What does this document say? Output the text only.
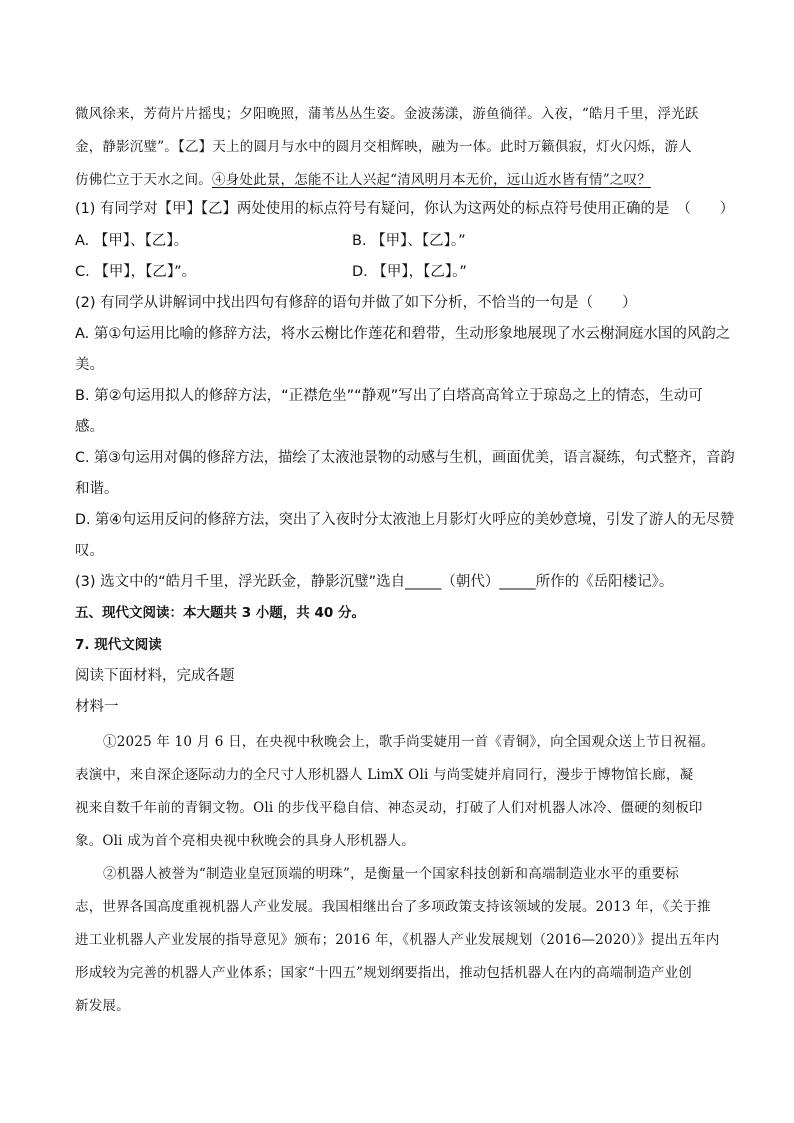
微风徐来，芳荷片片摇曳；夕阳晚照，蒲苇丛丛生姿。金波荡漾，游鱼徜徉。入夜，“皓月千里，浮光跃
金，静影沉璧”。【乙】天上的圆月与水中的圆月交相辉映，融为一体。此时万籁俱寂，灯火闪烁，游人
仿佛伫立于天水之间。④身处此景，怎能不让人兴起“清风明月本无价，远山近水皆有情”之叹？
(1) 有同学对【甲】【乙】两处使用的标点符号有疑问，你认为这两处的标点符号使用正确的是　（　　）
A. 【甲】、【乙】。	B. 【甲】、【乙】。”
C. 【甲】，【乙】”。	D. 【甲】，【乙】。”
(2) 有同学从讲解词中找出四句有修辞的语句并做了如下分析，不恰当的一句是（　　）
A. 第①句运用比喻的修辞方法，将水云榭比作莲花和碧带，生动形象地展现了水云榭洞庭水国的风韵之
美。
B. 第②句运用拟人的修辞方法，“正襟危坐”“静观”写出了白塔高高耸立于琼岛之上的情态，生动可
感。
C. 第③句运用对偶的修辞方法，描绘了太液池景物的动感与生机，画面优美，语言凝练，句式整齐，音韵
和谐。
D. 第④句运用反问的修辞方法，突出了入夜时分太液池上月影灯火呼应的美妙意境，引发了游人的无尽赞
叹。
(3) 选文中的“皓月千里，浮光跃金，静影沉璧”选自_____（朝代）_____所作的《岳阳楼记》。
五、现代文阅读：本大题共 3 小题，共 40 分。
7. 现代文阅读
阅读下面材料，完成各题
材料一
①2025 年 10 月 6 日，在央视中秋晚会上，歌手尚雯婕用一首《青铜》，向全国观众送上节日祝福。
表演中，来自深企逐际动力的全尺寸人形机器人 LimX Oli 与尚雯婕并肩同行，漫步于博物馆长廊，凝
视来自数千年前的青铜文物。Oli 的步伐平稳自信、神态灵动，打破了人们对机器人冰冷、僵硬的刻板印
象。Oli 成为首个亮相央视中秋晚会的具身人形机器人。
②机器人被誉为“制造业皇冠顶端的明珠”，是衡量一个国家科技创新和高端制造业水平的重要标
志，世界各国高度重视机器人产业发展。我国相继出台了多项政策支持该领域的发展。2013 年，《关于推
进工业机器人产业发展的指导意见》颁布；2016 年，《机器人产业发展规划（2016—2020）》提出五年内
形成较为完善的机器人产业体系；国家“十四五”规划纲要指出，推动包括机器人在内的高端制造产业创
新发展。
